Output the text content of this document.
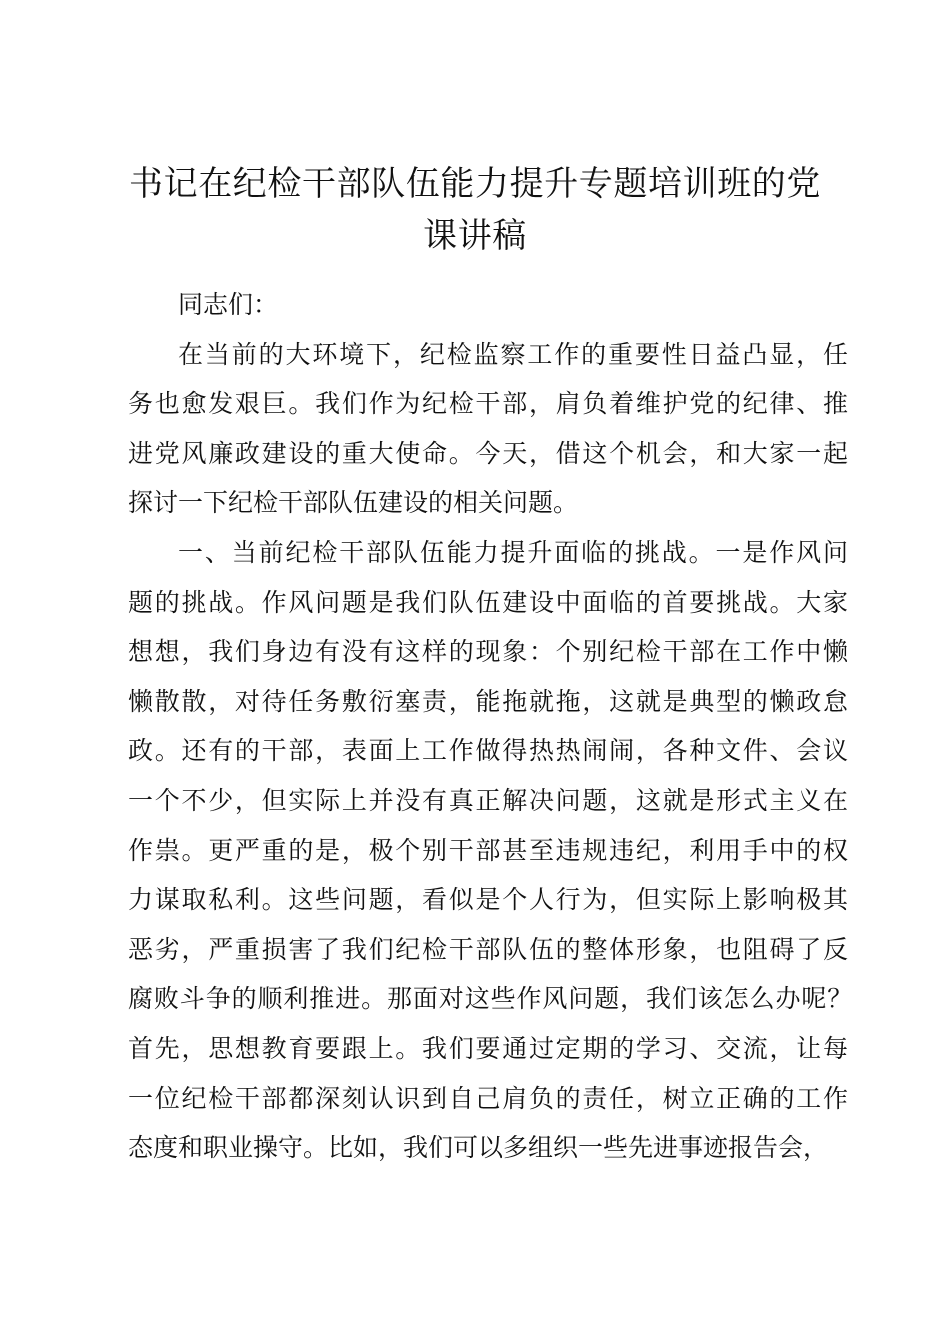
书记在纪检干部队伍能力提升专题培训班的党
课讲稿
同志们：
在当前的大环境下，纪检监察工作的重要性日益凸显，任
务也愈发艰巨。我们作为纪检干部，肩负着维护党的纪律、推
进党风廉政建设的重大使命。今天，借这个机会，和大家一起
探讨一下纪检干部队伍建设的相关问题。
一、当前纪检干部队伍能力提升面临的挑战。一是作风问
题的挑战。作风问题是我们队伍建设中面临的首要挑战。大家
想想，我们身边有没有这样的现象：个别纪检干部在工作中懒
懒散散，对待任务敷衍塞责，能拖就拖，这就是典型的懒政怠
政。还有的干部，表面上工作做得热热闹闹，各种文件、会议
一个不少，但实际上并没有真正解决问题，这就是形式主义在
作祟。更严重的是，极个别干部甚至违规违纪，利用手中的权
力谋取私利。这些问题，看似是个人行为，但实际上影响极其
恶劣，严重损害了我们纪检干部队伍的整体形象，也阻碍了反
腐败斗争的顺利推进。那面对这些作风问题，我们该怎么办呢？
首先，思想教育要跟上。我们要通过定期的学习、交流，让每
一位纪检干部都深刻认识到自己肩负的责任，树立正确的工作
态度和职业操守。比如，我们可以多组织一些先进事迹报告会，
